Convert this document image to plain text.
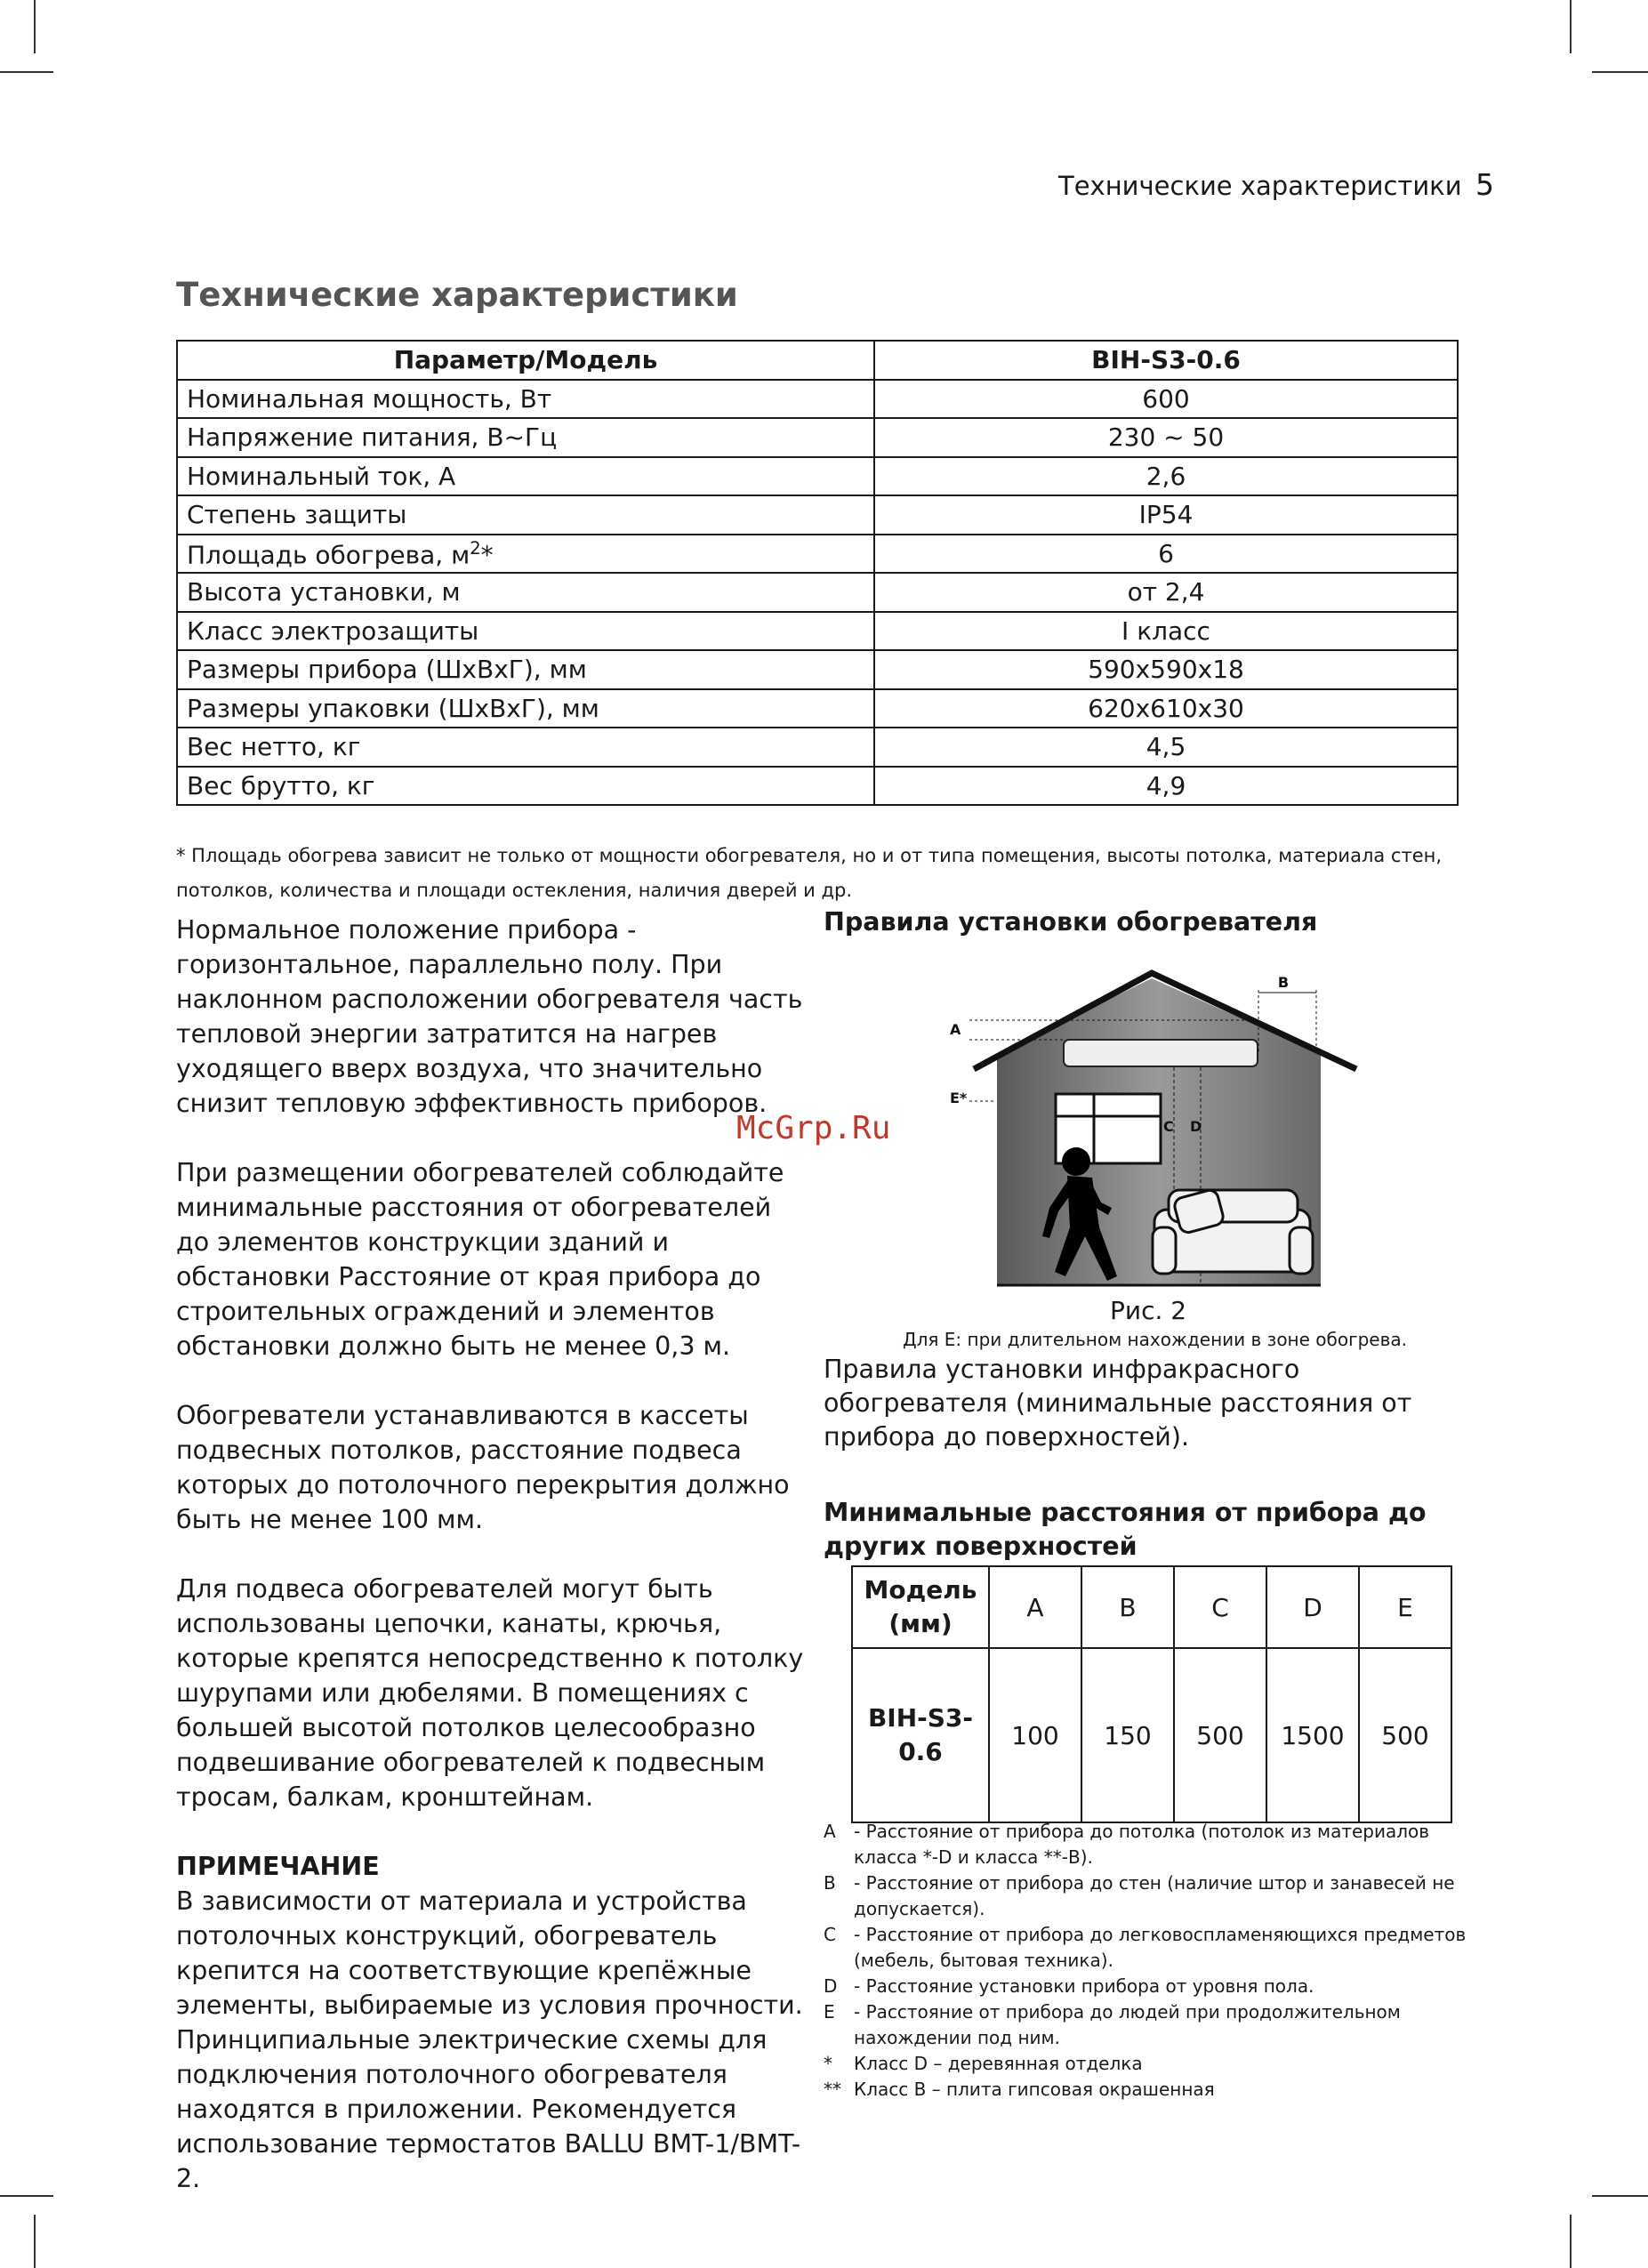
Технические характеристики 5
Технические характеристики
Параметр/Модель	BIH-S3-0.6
Номинальная мощность, Вт	600
Напряжение питания, В~Гц	230 ~ 50
Номинальный ток, А	2,6
Степень защиты	IP54
Площадь обогрева, $м^2*$	6
Высота установки, м	от 2,4
Класс электрозащиты	I класс
Размеры прибора (ШхВхГ), мм	590х590х18
Размеры упаковки (ШхВхГ), мм	620х610х30
Вес нетто, кг	4,5
Вес брутто, кг	4,9
* Площадь обогрева зависит не только от мощности обогревателя, но и от типа помещения, высоты потолка, материала стен, потолков, количества и площади остекления, наличия дверей и др.

Нормальное положение прибора - горизонтальное, параллельно полу. При наклонном расположении обогревателя часть тепловой энергии затратится на нагрев уходящего вверх воздуха, что значительно снизит тепловую эффективность приборов.

При размещении обогревателей соблюдайте минимальные расстояния от обогревателей до элементов конструкции зданий и обстановки Расстояние от края прибора до строительных ограждений и элементов обстановки должно быть не менее 0,3 м.

Обогреватели устанавливаются в кассеты подвесных потолков, расстояние подвеса которых до потолочного перекрытия должно быть не менее 100 мм.

Для подвеса обогревателей могут быть использованы цепочки, канаты, крючья, которые крепятся непосредственно к потолку шурупами или дюбелями. В помещениях с большей высотой потолков целесообразно подвешивание обогревателей к подвесным тросам, балкам, кронштейнам.

ПРИМЕЧАНИЕ

В зависимости от материала и устройства потолочных конструкций, обогреватель крепится на соответствующие крепёжные элементы, выбираемые из условия прочности.

Принципиальные электрические схемы для подключения потолочного обогревателя находятся в приложении. Рекомендуется использование термостатов BALLU BMT-1/BMT-2.

Правила установки обогревателя
B
A
E*
C D
McGrp.Ru
Рис. 2
Для E: при длительном нахождении в зоне обогрева.
Правила установки инфракрасного обогревателя (минимальные расстояния от прибора до поверхностей).
Минимальные расстояния от прибора до других поверхностей
Модель
(мм)	A	B	C	D	E
BIH-S3-
0.6	100	150	500	1500	500
A	- Расстояние от прибора до потолка (потолок из материалов класса *-D и класса **-B).
B	- Расстояние от прибора до стен (наличие штор и занавесей не допускается).
C	- Расстояние от прибора до легковоспламеняющихся предметов (мебель, бытовая техника).
D - Расстояние установки прибора от уровня пола.
E	- Расстояние от прибора до людей при продолжительном нахождении под ним.
*	Класс D – деревянная отделка
** Класс B – плита гипсовая окрашенная
